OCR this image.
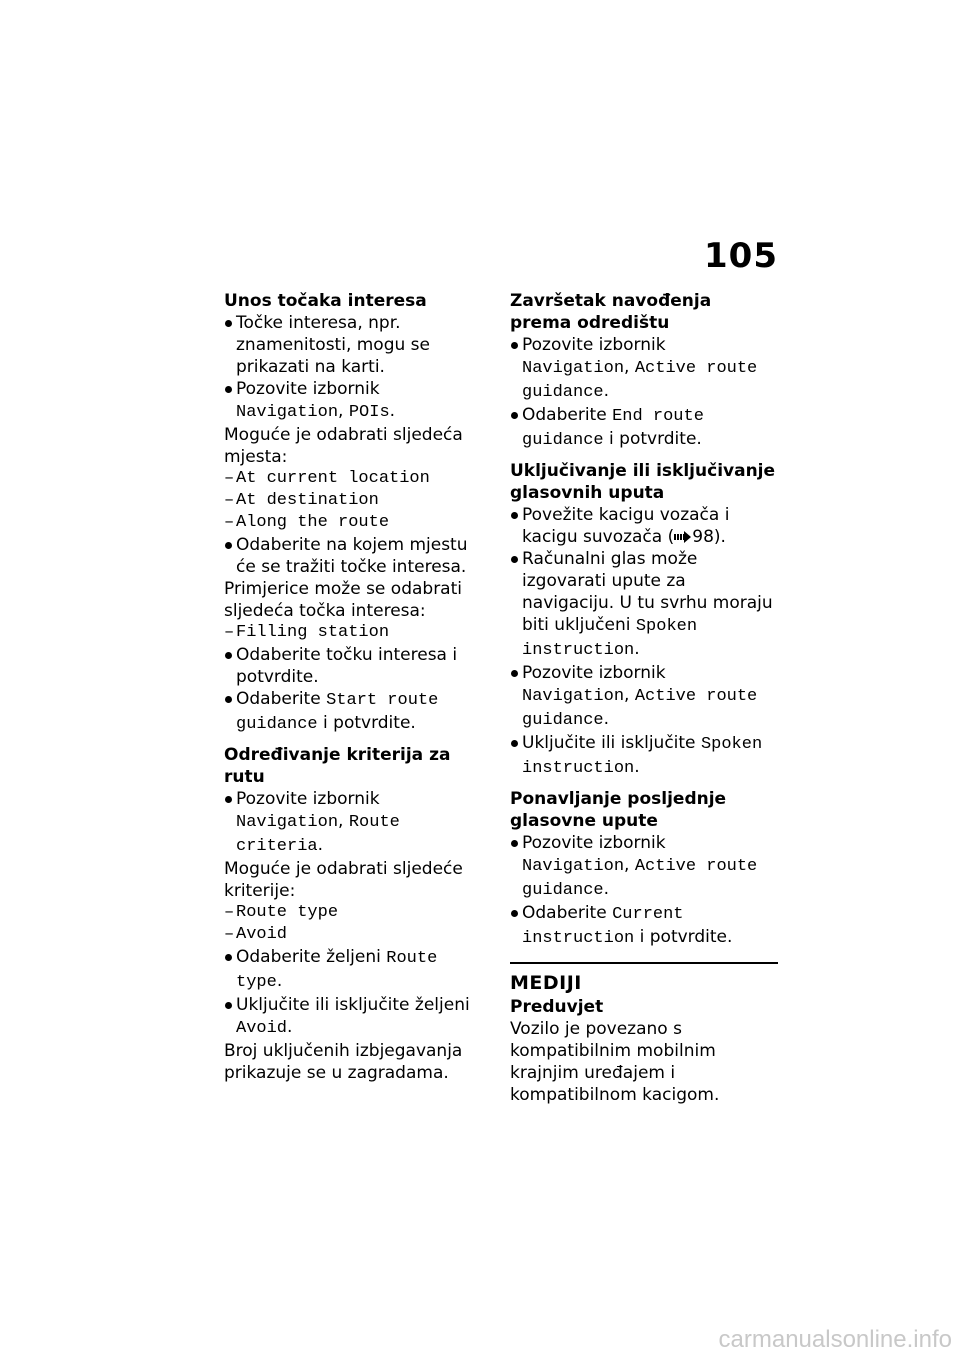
105
Unos točaka interesa
Točke interesa, npr. znamenitosti, mogu se prikazati na karti.
Pozovite izbornik Navigation, POIs.
Moguće je odabrati sljedeća mjesta:
– At current location
– At destination
– Along the route
Odaberite na kojem mjestu će se tražiti točke interesa.
Primjerice može se odabrati sljedeća točka interesa:
– Filling station
Odaberite točku interesa i potvrdite.
Odaberite Start route guidance i potvrdite.
Određivanje kriterija za rutu
Pozovite izbornik Navigation, Route criteria.
Moguće je odabrati sljedeće kriterije:
– Route type
– Avoid
Odaberite željeni Route type.
Uključite ili isključite željeni Avoid.
Broj uključenih izbjegavanja prikazuje se u zagradama.
Završetak navođenja prema odredištu
Pozovite izbornik Navigation, Active route guidance.
Odaberite End route guidance i potvrdite.
Uključivanje ili isključivanje glasovnih uputa
Povežite kacigu vozača i kacigu suvozača ( 98).
Računalni glas može izgovarati upute za navigaciju. U tu svrhu moraju biti uključeni Spoken instruction.
Pozovite izbornik Navigation, Active route guidance.
Uključite ili isključite Spoken instruction.
Ponavljanje posljednje glasovne upute
Pozovite izbornik Navigation, Active route guidance.
Odaberite Current instruction i potvrdite.
MEDIJI
Preduvjet
Vozilo je povezano s kompatibilnim mobilnim krajnjim uređajem i kompatibilnom kacigom.
carmanualsonline.info
